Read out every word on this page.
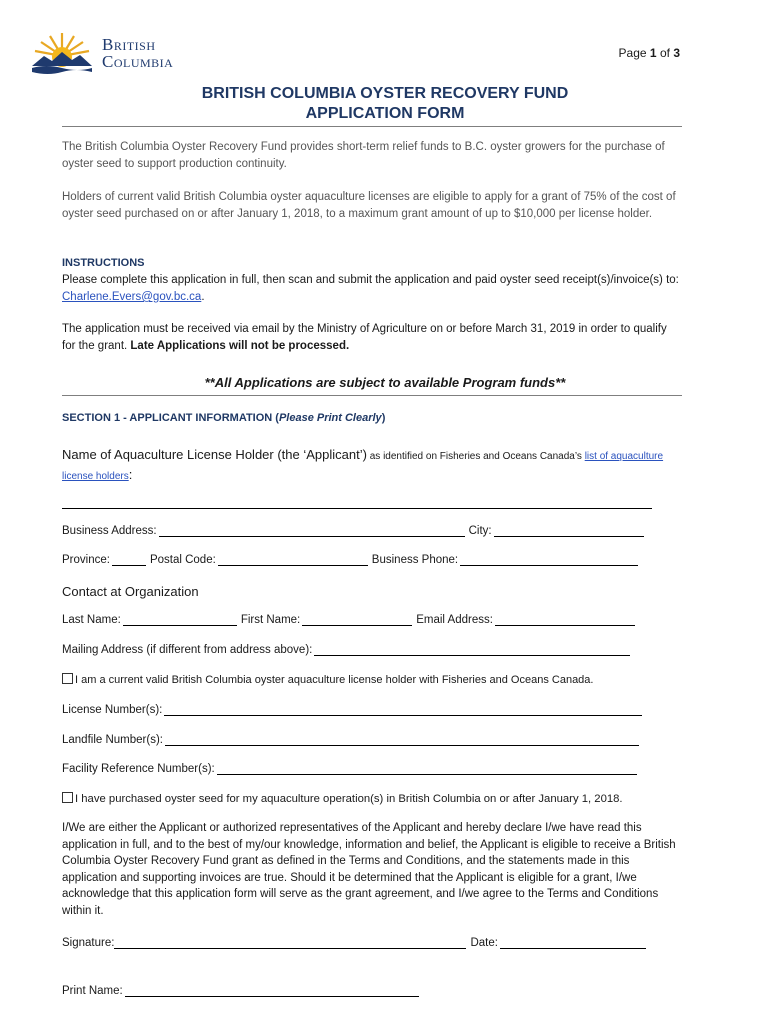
British
Columbia	Page 1 of 3
BRITISH COLUMBIA OYSTER RECOVERY FUND
APPLICATION FORM
The British Columbia Oyster Recovery Fund provides short-term relief funds to B.C. oyster growers for the purchase of oyster seed to support production continuity.
Holders of current valid British Columbia oyster aquaculture licenses are eligible to apply for a grant of 75% of the cost of oyster seed purchased on or after January 1, 2018, to a maximum grant amount of up to $10,000 per license holder.
INSTRUCTIONS
Please complete this application in full, then scan and submit the application and paid oyster seed receipt(s)/invoice(s) to: Charlene.Evers@gov.bc.ca.
The application must be received via email by the Ministry of Agriculture on or before March 31, 2019 in order to qualify for the grant. Late Applications will not be processed.
**All Applications are subject to available Program funds**
SECTION 1 - APPLICANT INFORMATION (Please Print Clearly)
Name of Aquaculture License Holder (the ‘Applicant’) as identified on Fisheries and Oceans Canada’s list of aquaculture license holders:
Business Address:	City:
Province:	Postal Code:	Business Phone:
Contact at Organization
Last Name:	First Name:	Email Address:
Mailing Address (if different from address above):
I am a current valid British Columbia oyster aquaculture license holder with Fisheries and Oceans Canada.
License Number(s):
Landfile Number(s):
Facility Reference Number(s):
I have purchased oyster seed for my aquaculture operation(s) in British Columbia on or after January 1, 2018.
I/We are either the Applicant or authorized representatives of the Applicant and hereby declare I/we have read this application in full, and to the best of my/our knowledge, information and belief, the Applicant is eligible to receive a British Columbia Oyster Recovery Fund grant as defined in the Terms and Conditions, and the statements made in this application and supporting invoices are true. Should it be determined that the Applicant is eligible for a grant, I/we acknowledge that this application form will serve as the grant agreement, and I/we agree to the Terms and Conditions within it.
Signature:	Date:
Print Name:
